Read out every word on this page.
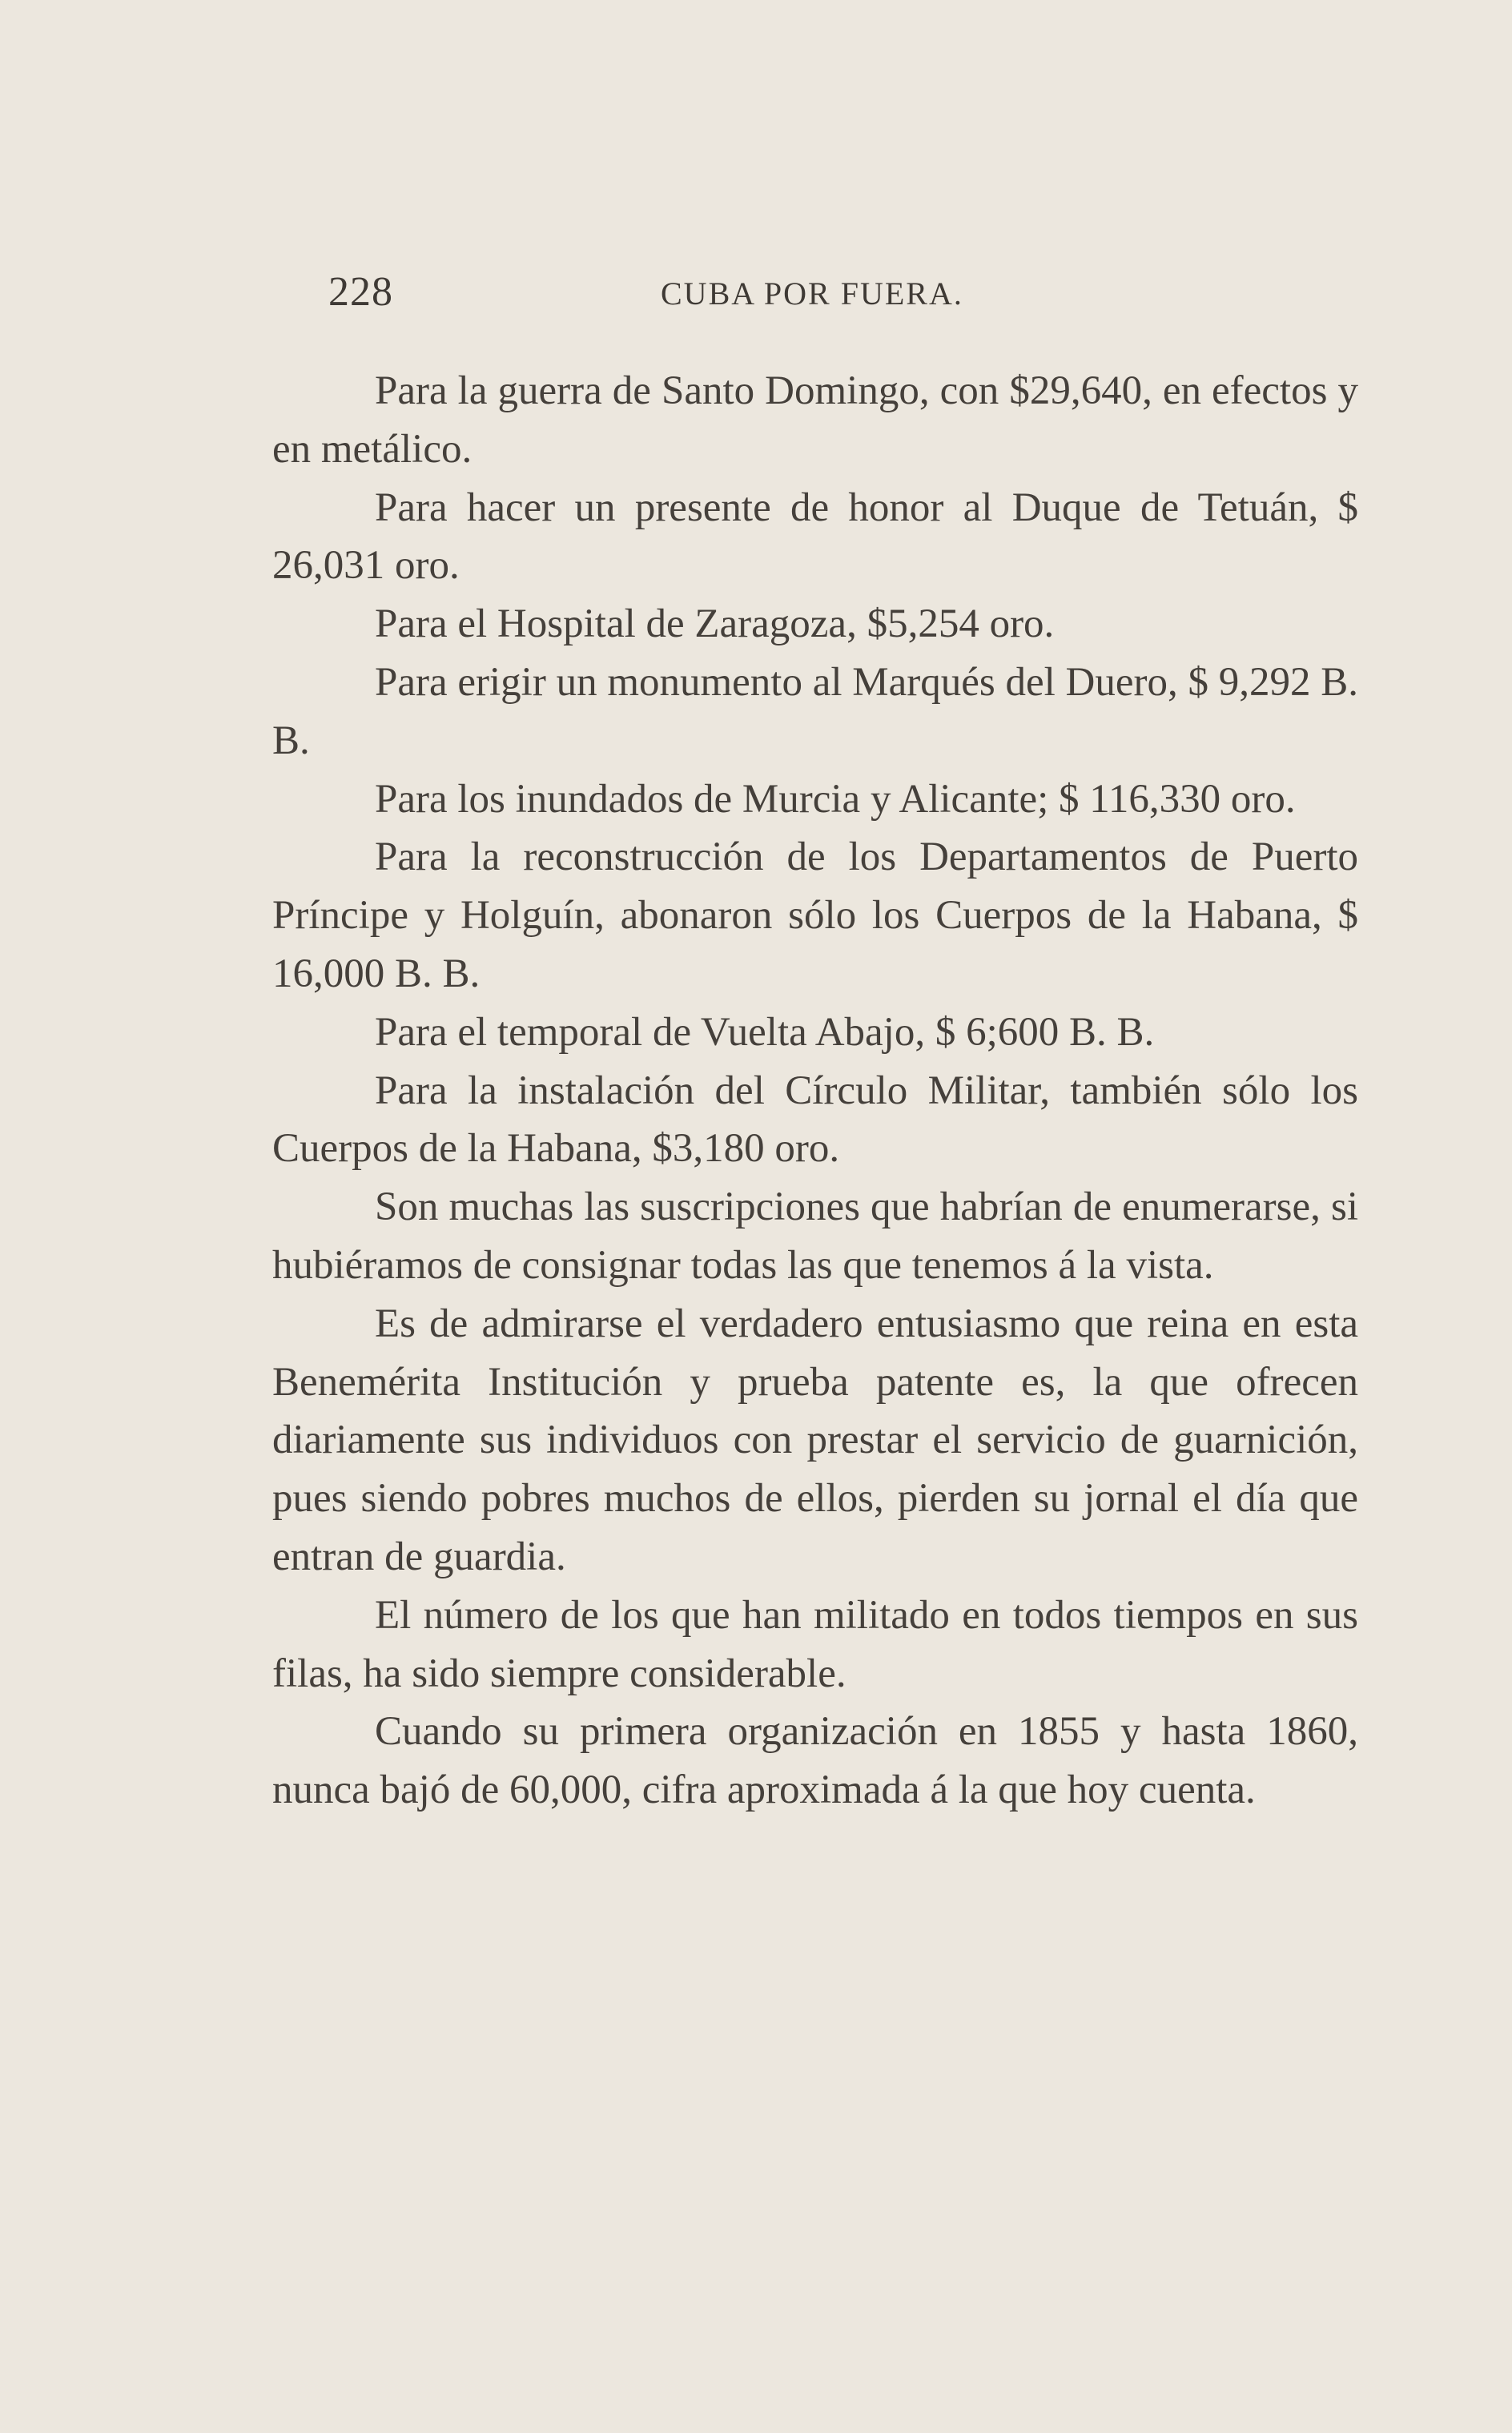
228	CUBA POR FUERA.

Para la guerra de Santo Domingo, con $29,640, en efectos y en metálico.

Para hacer un presente de honor al Duque de Tetuán, $ 26,031 oro.

Para el Hospital de Zaragoza, $5,254 oro.

Para erigir un monumento al Marqués del Duero, $ 9,292 B. B.

Para los inundados de Murcia y Alicante; $ 116,330 oro.

Para la reconstrucción de los Departamentos de Puerto Príncipe y Holguín, abonaron sólo los Cuerpos de la Habana, $ 16,000 B. B.

Para el temporal de Vuelta Abajo, $ 6;600 B. B.

Para la instalación del Círculo Militar, también sólo los Cuerpos de la Habana, $3,180 oro.

Son muchas las suscripciones que habrían de enumerarse, si hubiéramos de consignar todas las que tenemos á la vista.

Es de admirarse el verdadero entusiasmo que reina en esta Benemérita Institución y prueba patente es, la que ofrecen diariamente sus individuos con prestar el servicio de guarnición, pues siendo pobres muchos de ellos, pierden su jornal el día que entran de guardia.

El número de los que han militado en todos tiempos en sus filas, ha sido siempre considerable.

Cuando su primera organización en 1855 y hasta 1860, nunca bajó de 60,000, cifra aproximada á la que hoy cuenta.
